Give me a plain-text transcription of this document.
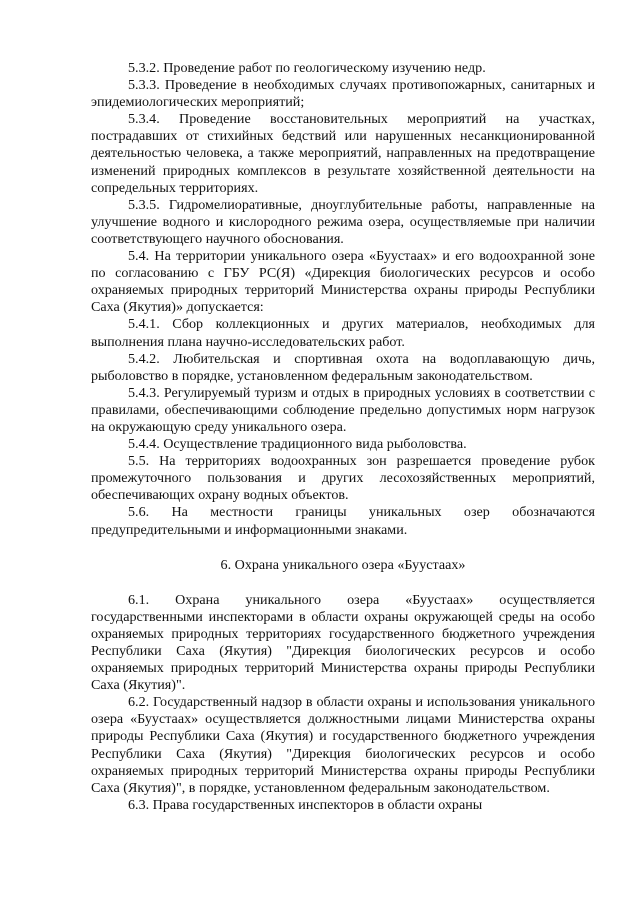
5.3.2. Проведение работ по геологическому изучению недр.

5.3.3. Проведение в необходимых случаях противопожарных, санитарных и эпидемиологических мероприятий;

5.3.4. Проведение восстановительных мероприятий на участках, пострадавших от стихийных бедствий или нарушенных несанкционированной деятельностью человека, а также мероприятий, направленных на предотвращение изменений природных комплексов в результате хозяйственной деятельности на сопредельных территориях.

5.3.5. Гидромелиоративные, дноуглубительные работы, направленные на улучшение водного и кислородного режима озера, осуществляемые при наличии соответствующего научного обоснования.

5.4. На территории уникального озера «Буустаах» и его водоохранной зоне по согласованию с ГБУ РС(Я) «Дирекция биологических ресурсов и особо охраняемых природных территорий Министерства охраны природы Республики Саха (Якутия)» допускается:

5.4.1. Сбор коллекционных и других материалов, необходимых для выполнения плана научно-исследовательских работ.

5.4.2. Любительская и спортивная охота на водоплавающую дичь, рыболовство в порядке, установленном федеральным законодательством.

5.4.3. Регулируемый туризм и отдых в природных условиях в соответствии с правилами, обеспечивающими соблюдение предельно допустимых норм нагрузок на окружающую среду уникального озера.

5.4.4. Осуществление традиционного вида рыболовства.

5.5. На территориях водоохранных зон разрешается проведение рубок промежуточного пользования и других лесохозяйственных мероприятий, обеспечивающих охрану водных объектов.

5.6. На местности границы уникальных озер обозначаются предупредительными и информационными знаками.

6. Охрана уникального озера «Буустаах»

6.1. Охрана уникального озера «Буустаах» осуществляется государственными инспекторами в области охраны окружающей среды на особо охраняемых природных территориях государственного бюджетного учреждения Республики Саха (Якутия) "Дирекция биологических ресурсов и особо охраняемых природных территорий Министерства охраны природы Республики Саха (Якутия)".

6.2. Государственный надзор в области охраны и использования уникального озера «Буустаах» осуществляется должностными лицами Министерства охраны природы Республики Саха (Якутия) и государственного бюджетного учреждения Республики Саха (Якутия) "Дирекция биологических ресурсов и особо охраняемых природных территорий Министерства охраны природы Республики Саха (Якутия)", в порядке, установленном федеральным законодательством.

6.3. Права государственных инспекторов в области охраны
